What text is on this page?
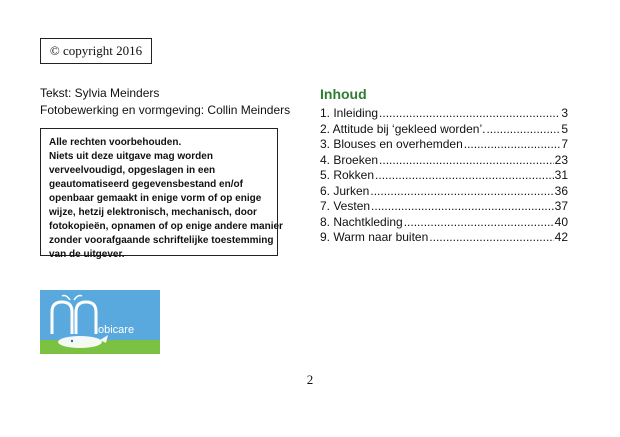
© copyright 2016
Tekst: Sylvia Meinders
Fotobewerking en vormgeving: Collin Meinders
Alle rechten voorbehouden.
Niets uit deze uitgave mag worden
verveelvoudigd, opgeslagen in een
geautomatiseerd gegevensbestand en/of
openbaar gemaakt in enige vorm of op enige
wijze, hetzij elektronisch, mechanisch, door
fotokopieën, opnamen of op enige andere manier
zonder voorafgaande schriftelijke toestemming
van de uitgever.
obicare
Inhoud
1. Inleiding .....	3
2. Attitude bij ‘gekleed worden’. .....	5
3. Blouses en overhemden .....	7
4. Broeken .....	23
5. Rokken .....	31
6. Jurken .....	36
7. Vesten .....	37
8. Nachtkleding .....	40
9. Warm naar buiten .....	42
2
